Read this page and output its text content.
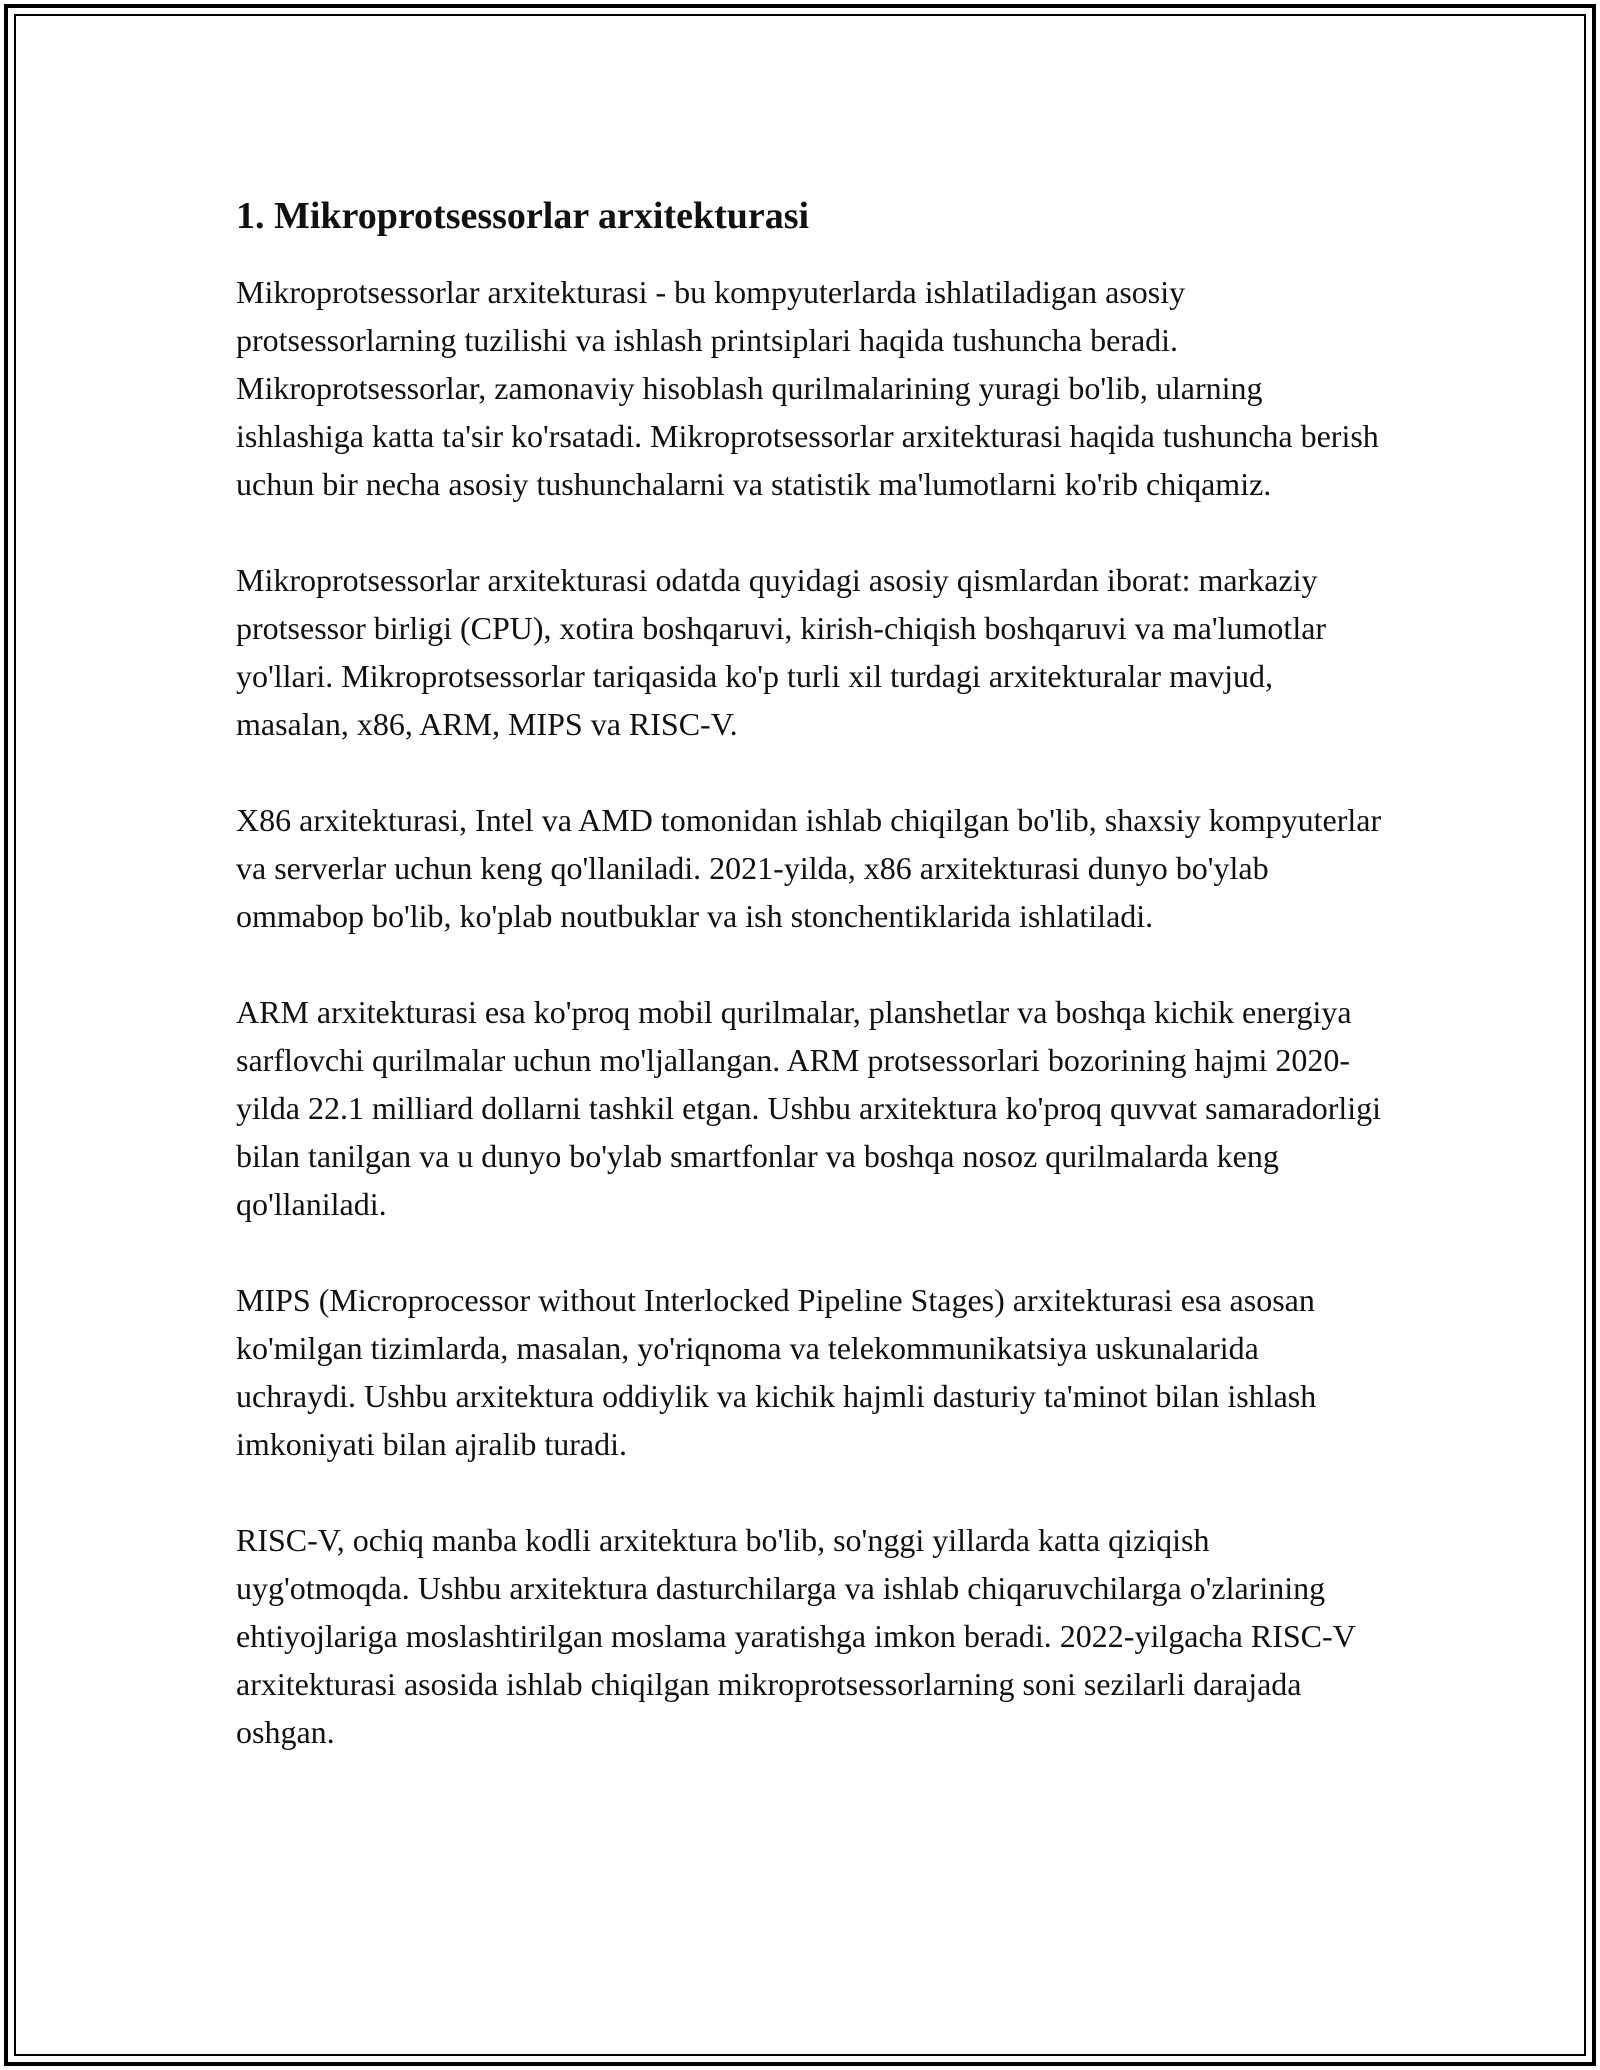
1. Mikroprotsessorlar arxitekturasi

Mikroprotsessorlar arxitekturasi - bu kompyuterlarda ishlatiladigan asosiy protsessorlarning tuzilishi va ishlash printsiplari haqida tushuncha beradi. Mikroprotsessorlar, zamonaviy hisoblash qurilmalarining yuragi bo'lib, ularning ishlashiga katta ta'sir ko'rsatadi. Mikroprotsessorlar arxitekturasi haqida tushuncha berish uchun bir necha asosiy tushunchalarni va statistik ma'lumotlarni ko'rib chiqamiz.

Mikroprotsessorlar arxitekturasi odatda quyidagi asosiy qismlardan iborat: markaziy protsessor birligi (CPU), xotira boshqaruvi, kirish-chiqish boshqaruvi va ma'lumotlar yo'llari. Mikroprotsessorlar tariqasida ko'p turli xil turdagi arxitekturalar mavjud, masalan, x86, ARM, MIPS va RISC-V.

X86 arxitekturasi, Intel va AMD tomonidan ishlab chiqilgan bo'lib, shaxsiy kompyuterlar va serverlar uchun keng qo'llaniladi. 2021-yilda, x86 arxitekturasi dunyo bo'ylab ommabop bo'lib, ko'plab noutbuklar va ish stonchentiklarida ishlatiladi.

ARM arxitekturasi esa ko'proq mobil qurilmalar, planshetlar va boshqa kichik energiya sarflovchi qurilmalar uchun mo'ljallangan. ARM protsessorlari bozorining hajmi 2020-yilda 22.1 milliard dollarni tashkil etgan. Ushbu arxitektura ko'proq quvvat samaradorligi bilan tanilgan va u dunyo bo'ylab smartfonlar va boshqa nosoz qurilmalarda keng qo'llaniladi.

MIPS (Microprocessor without Interlocked Pipeline Stages) arxitekturasi esa asosan ko'milgan tizimlarda, masalan, yo'riqnoma va telekommunikatsiya uskunalarida uchraydi. Ushbu arxitektura oddiylik va kichik hajmli dasturiy ta'minot bilan ishlash imkoniyati bilan ajralib turadi.

RISC-V, ochiq manba kodli arxitektura bo'lib, so'nggi yillarda katta qiziqish uyg'otmoqda. Ushbu arxitektura dasturchilarga va ishlab chiqaruvchilarga o'zlarining ehtiyojlariga moslashtirilgan moslama yaratishga imkon beradi. 2022-yilgacha RISC-V arxitekturasi asosida ishlab chiqilgan mikroprotsessorlarning soni sezilarli darajada oshgan.
